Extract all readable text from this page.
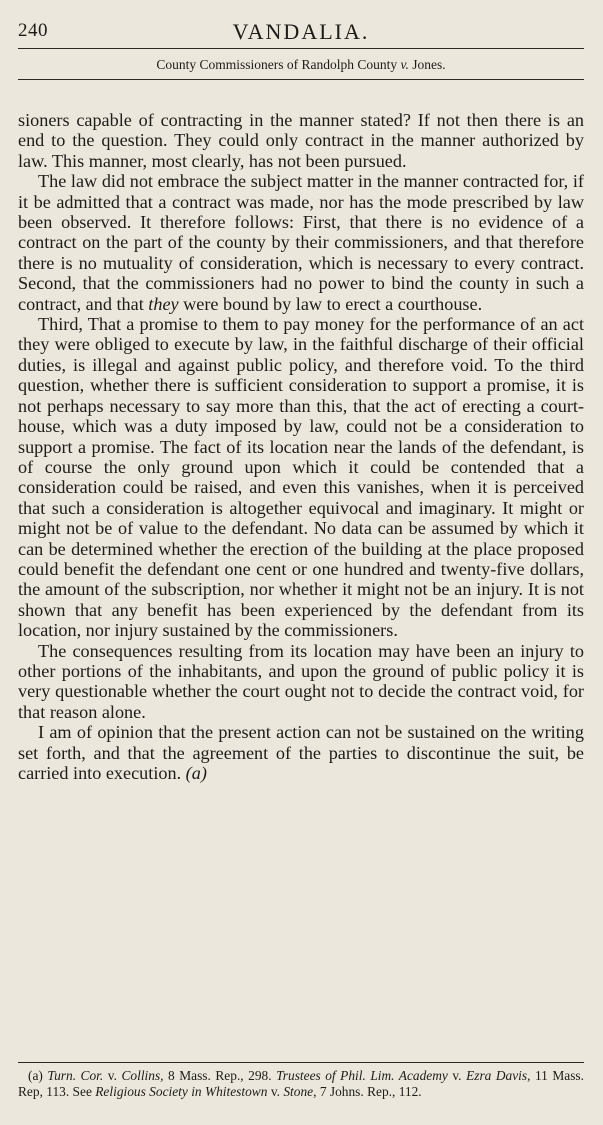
240	VANDALIA.
County Commissioners of Randolph County v. Jones.

sioners capable of contracting in the manner stated? If not then there is an end to the question. They could only contract in the manner authorized by law. This manner, most clearly, has not been pursued.

The law did not embrace the subject matter in the manner contracted for, if it be admitted that a contract was made, nor has the mode prescribed by law been observed. It therefore follows: First, that there is no evidence of a contract on the part of the county by their commissioners, and that therefore there is no mutuality of consideration, which is necessary to every contract. Second, that the commissioners had no power to bind the county in such a contract, and that they were bound by law to erect a courthouse.

Third, That a promise to them to pay money for the performance of an act they were obliged to execute by law, in the faithful discharge of their official duties, is illegal and against public policy, and therefore void. To the third question, whether there is sufficient consideration to support a promise, it is not perhaps necessary to say more than this, that the act of erecting a court-house, which was a duty imposed by law, could not be a consideration to support a promise. The fact of its location near the lands of the defendant, is of course the only ground upon which it could be contended that a consideration could be raised, and even this vanishes, when it is perceived that such a consideration is altogether equivocal and imaginary. It might or might not be of value to the defendant. No data can be assumed by which it can be determined whether the erection of the building at the place proposed could benefit the defendant one cent or one hundred and twenty-five dollars, the amount of the subscription, nor whether it might not be an injury. It is not shown that any benefit has been experienced by the defendant from its location, nor injury sustained by the commissioners.

The consequences resulting from its location may have been an injury to other portions of the inhabitants, and upon the ground of public policy it is very questionable whether the court ought not to decide the contract void, for that reason alone.

I am of opinion that the present action can not be sustained on the writing set forth, and that the agreement of the parties to discontinue the suit, be carried into execution. (a)

(a) Turn. Cor. v. Collins, 8 Mass. Rep., 298. Trustees of Phil. Lim. Academy v. Ezra Davis, 11 Mass. Rep, 113. See Religious Society in Whitestown v. Stone, 7 Johns. Rep., 112.
